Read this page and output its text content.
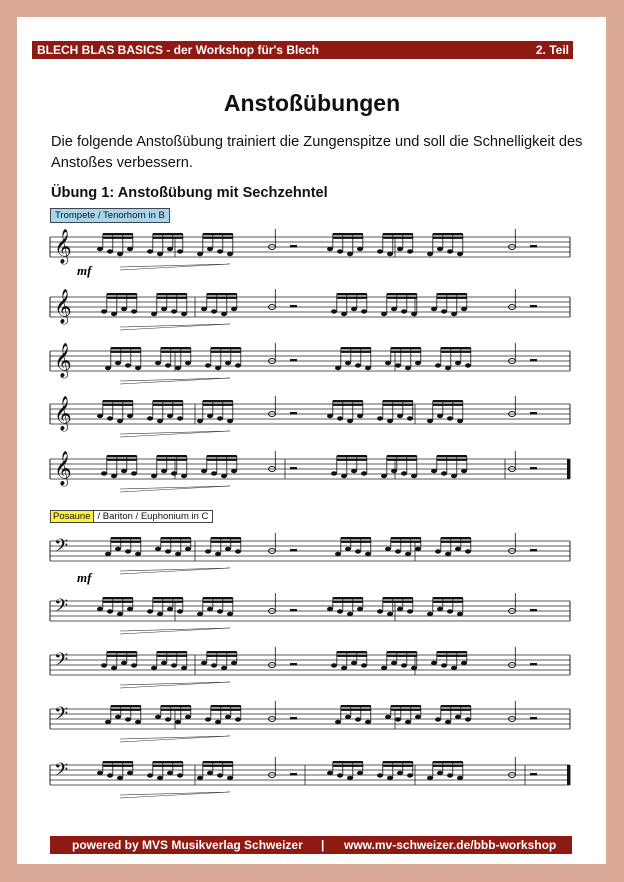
BLECH BLAS BASICS - der Workshop für's Blech	2. Teil
Anstoßübungen
Die folgende Anstoßübung trainiert die Zungenspitze und soll die Schnelligkeit des Anstoßes verbessern.
Übung 1: Anstoßübung mit Sechzehntel
Trompete / Tenorhorn in B
Posaune / Bariton / Euphonium in C
mf
mf
𝄞
𝄞
𝄞
𝄞
𝄞
𝄢
𝄢
𝄢
𝄢
𝄢
powered by MVS Musikverlag Schweizer | www.mv-schweizer.de/bbb-workshop
